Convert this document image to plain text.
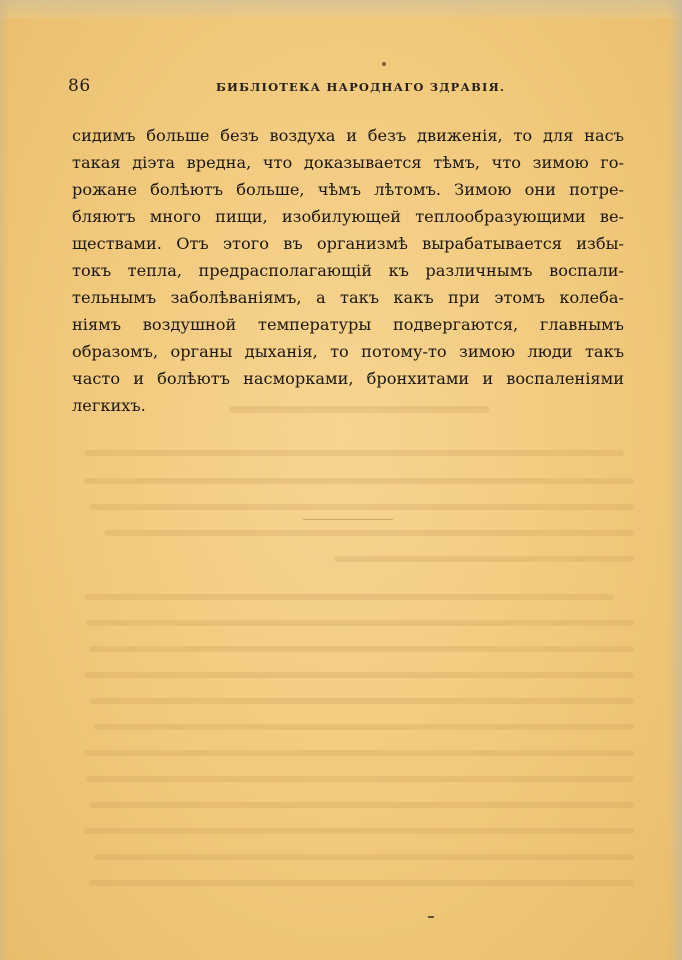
86	БИБЛІОТЕКА НАРОДНАГО ЗДРАВІЯ.
сидимъ больше безъ воздуха и безъ движенія, то для насъ
такая діэта вредна, что доказывается тѣмъ, что зимою го-
рожане болѣютъ больше, чѣмъ лѣтомъ. Зимою они потре-
бляютъ много пищи, изобилующей теплообразующими ве-
ществами. Отъ этого въ организмѣ вырабатывается избы-
токъ тепла, предрасполагающій къ различнымъ воспали-
тельнымъ заболѣваніямъ, а такъ какъ при этомъ колеба-
ніямъ воздушной температуры подвергаются, главнымъ
образомъ, органы дыханія, то потому-то зимою люди такъ
часто и болѣютъ насморками, бронхитами и воспаленіями
легкихъ.
